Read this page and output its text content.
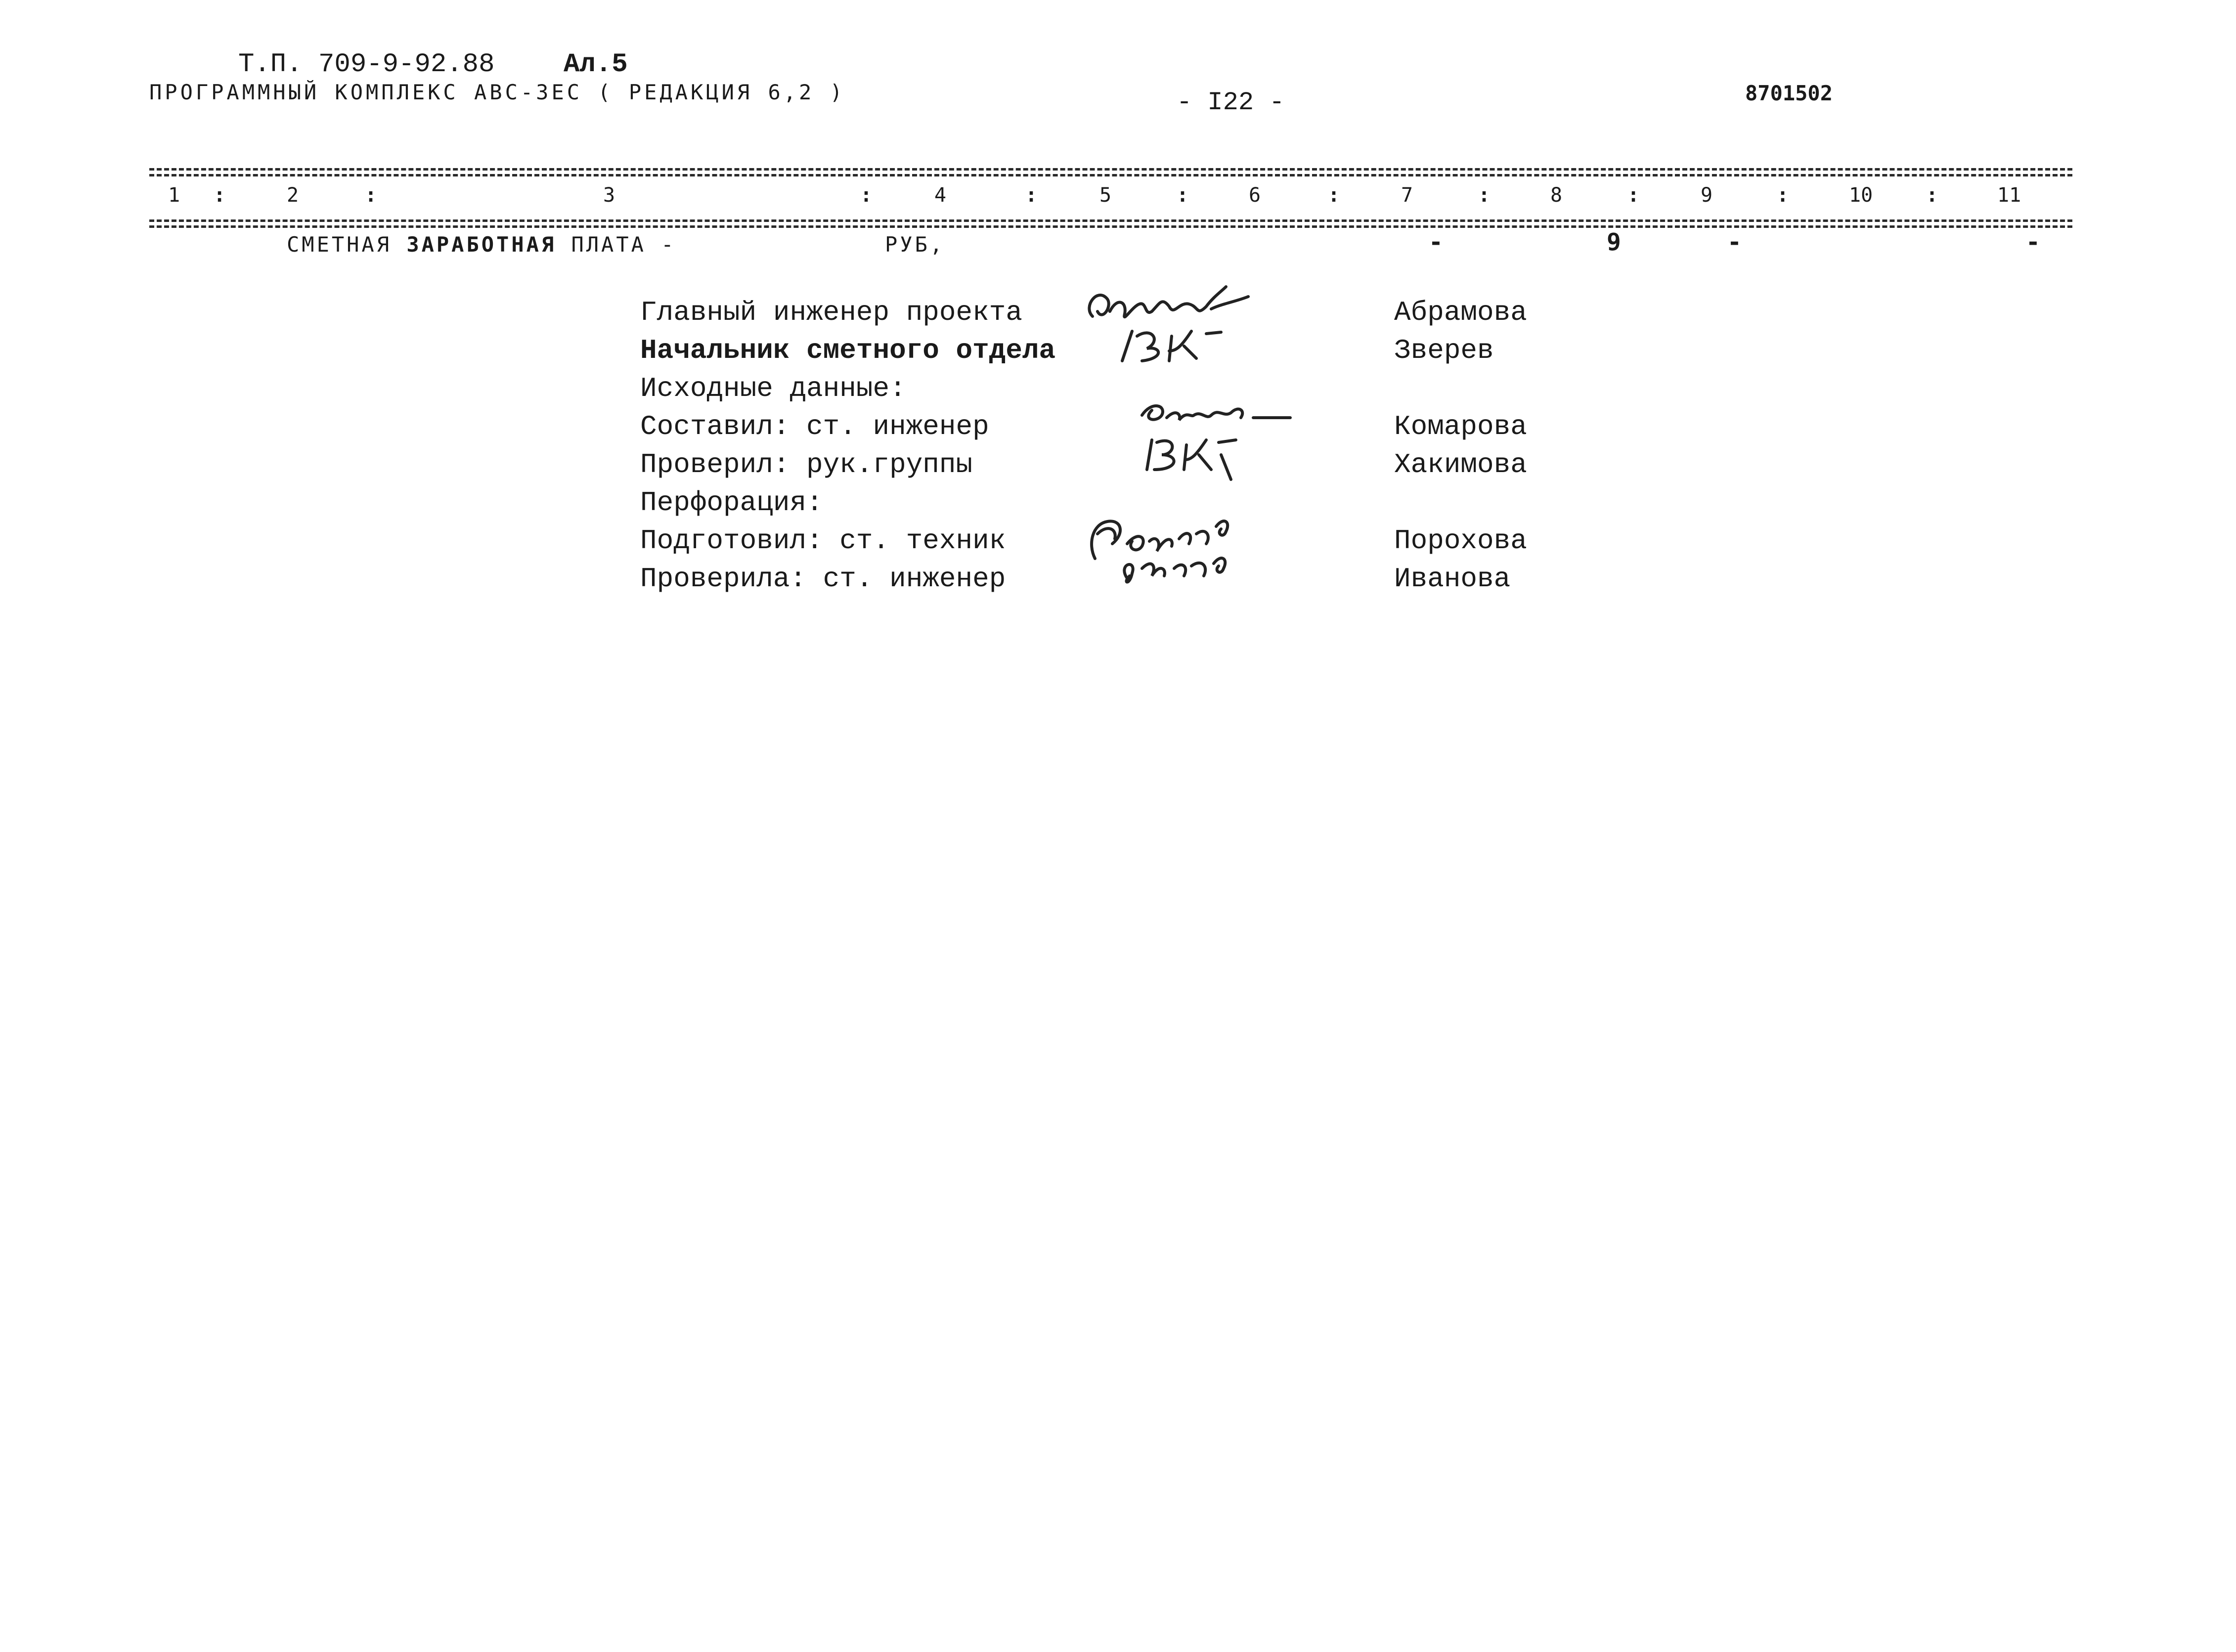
Т.П. 709-9-92.88	Ал.5
ПРОГРАММНЫЙ КОМПЛЕКС АВС-3ЕС ( РЕДАКЦИЯ 6,2 )	- I22 -	8701502
1 :	2	:	3	:	4	:	5	:	6	:	7	:	8	:	9	:	10	:	11
СМЕТНАЯ ЗАРАБОТНАЯ ПЛАТА -	РУБ,	-	9	-	-
Главный инженер проекта	Абрамова
Начальник сметного отдела	Зверев
Исходные данные:
Составил: ст. инженер	Комарова
Проверил: рук.группы	Хакимова
Перфорация:
Подготовил: ст. техник	Порохова
Проверила: ст. инженер	Иванова
